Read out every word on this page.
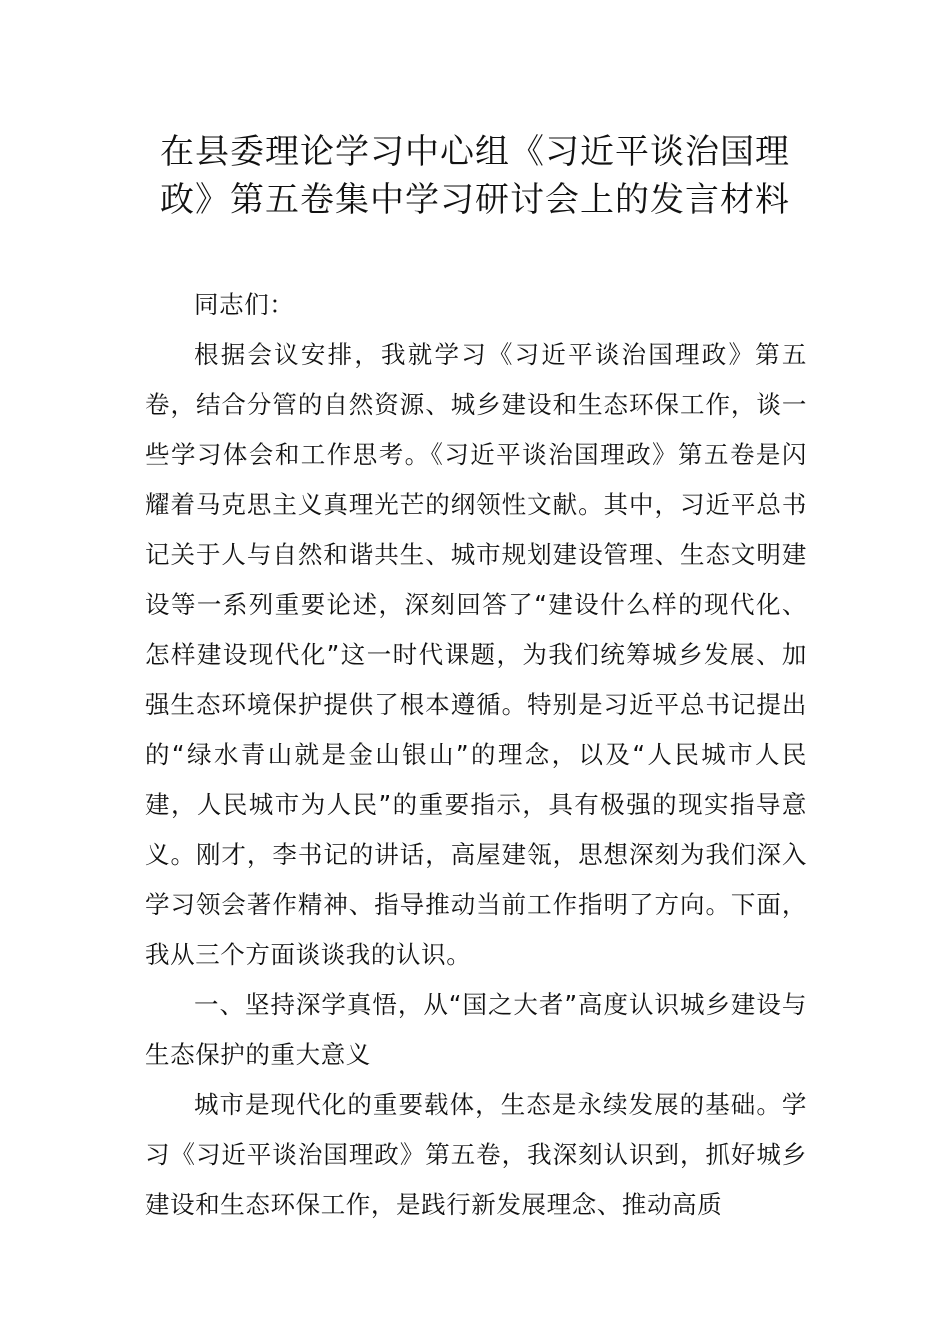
在县委理论学习中心组《习近平谈治国理政》第五卷集中学习研讨会上的发言材料

同志们：

根据会议安排，我就学习《习近平谈治国理政》第五卷，结合分管的自然资源、城乡建设和生态环保工作，谈一些学习体会和工作思考。《习近平谈治国理政》第五卷是闪耀着马克思主义真理光芒的纲领性文献。其中，习近平总书记关于人与自然和谐共生、城市规划建设管理、生态文明建设等一系列重要论述，深刻回答了“建设什么样的现代化、怎样建设现代化”这一时代课题，为我们统筹城乡发展、加强生态环境保护提供了根本遵循。特别是习近平总书记提出的“绿水青山就是金山银山”的理念，以及“人民城市人民建，人民城市为人民”的重要指示，具有极强的现实指导意义。刚才，李书记的讲话，高屋建瓴，思想深刻为我们深入学习领会著作精神、指导推动当前工作指明了方向。下面，我从三个方面谈谈我的认识。

一、坚持深学真悟，从“国之大者”高度认识城乡建设与生态保护的重大意义

城市是现代化的重要载体，生态是永续发展的基础。学习《习近平谈治国理政》第五卷，我深刻认识到，抓好城乡建设和生态环保工作，是践行新发展理念、推动高质
